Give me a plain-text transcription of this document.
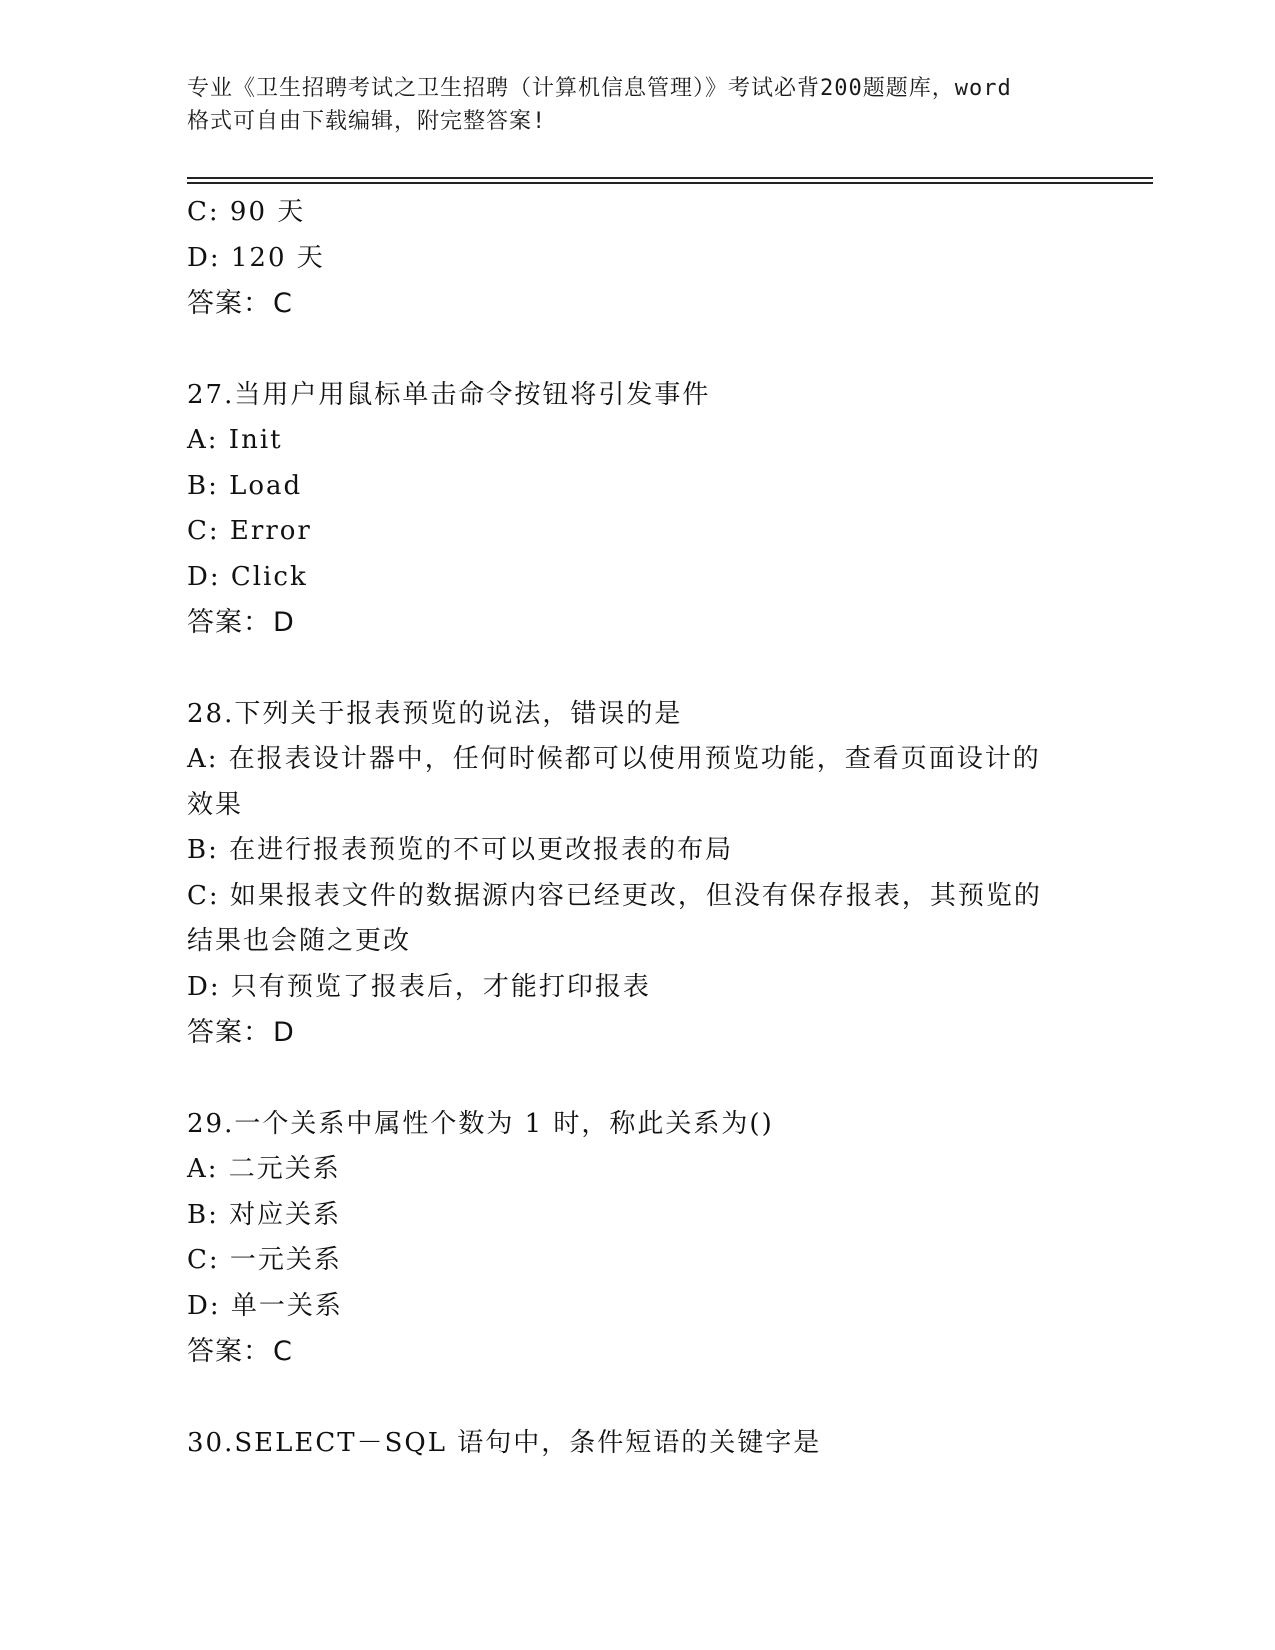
专业《卫生招聘考试之卫生招聘（计算机信息管理）》考试必背200题题库，word
格式可自由下载编辑，附完整答案!
C: 90 天
D: 120 天
答案：C
27.当用户用鼠标单击命令按钮将引发事件
A: Init
B: Load
C: Error
D: Click
答案：D
28.下列关于报表预览的说法，错误的是
A: 在报表设计器中，任何时候都可以使用预览功能，查看页面设计的
效果
B: 在进行报表预览的不可以更改报表的布局
C: 如果报表文件的数据源内容已经更改，但没有保存报表，其预览的
结果也会随之更改
D: 只有预览了报表后，才能打印报表
答案：D
29.一个关系中属性个数为 1 时，称此关系为()
A: 二元关系
B: 对应关系
C: 一元关系
D: 单一关系
答案：C
30.SELECT－SQL 语句中，条件短语的关键字是
